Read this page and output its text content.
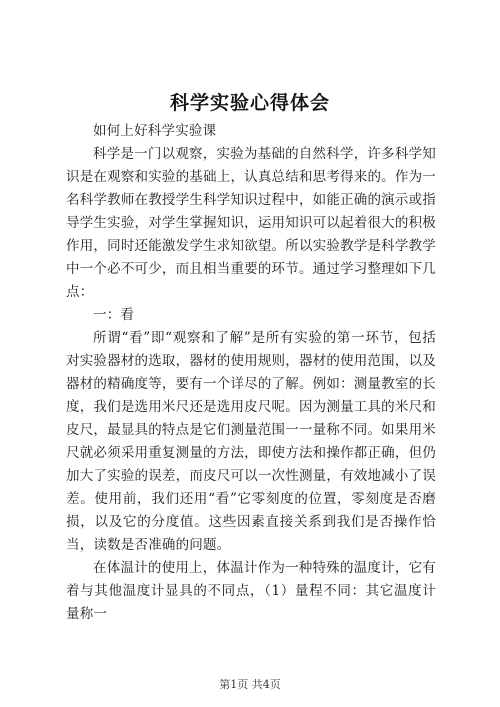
科学实验心得体会

如何上好科学实验课

科学是一门以观察，实验为基础的自然科学，许多科学知识是在观察和实验的基础上，认真总结和思考得来的。作为一名科学教师在教授学生科学知识过程中，如能正确的演示或指导学生实验，对学生掌握知识，运用知识可以起着很大的积极作用，同时还能激发学生求知欲望。所以实验教学是科学教学中一个必不可少，而且相当重要的环节。通过学习整理如下几点：

一：看

所谓“看”即“观察和了解”是所有实验的第一环节，包括对实验器材的选取，器材的使用规则，器材的使用范围，以及器材的精确度等，要有一个详尽的了解。例如：测量教室的长度，我们是选用米尺还是选用皮尺呢。因为测量工具的米尺和皮尺，最显具的特点是它们测量范围一一量称不同。如果用米尺就必须采用重复测量的方法，即使方法和操作都正确，但仍加大了实验的误差，而皮尺可以一次性测量，有效地减小了误差。使用前，我们还用“看”它零刻度的位置，零刻度是否磨损，以及它的分度值。这些因素直接关系到我们是否操作恰当，读数是否准确的问题。

在体温计的使用上，体温计作为一种特殊的温度计，它有着与其他温度计显具的不同点，（1）量程不同：其它温度计量称一

第1页 共4页
